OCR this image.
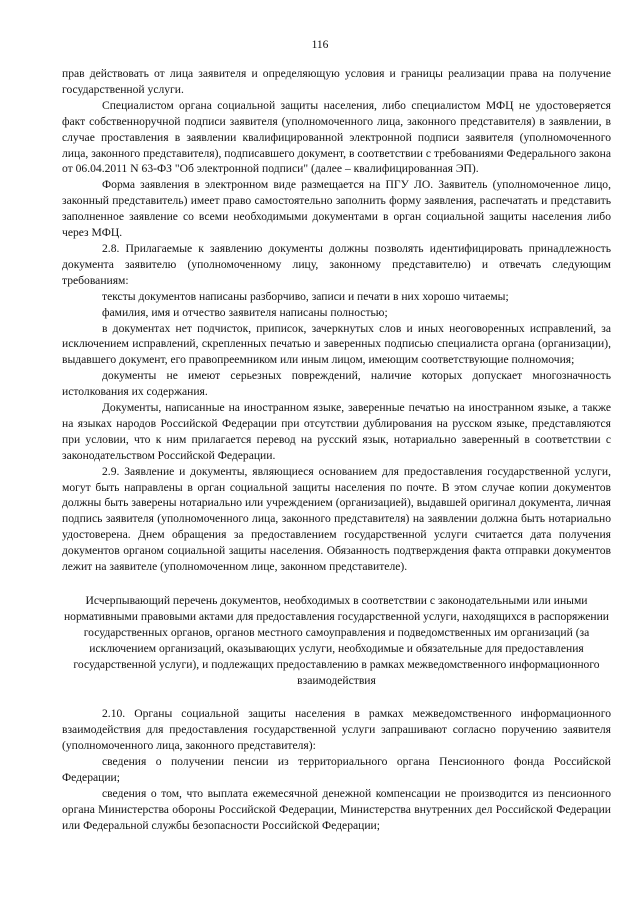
116

прав действовать от лица заявителя и определяющую условия и границы реализации права на получение государственной услуги.

Специалистом органа социальной защиты населения, либо специалистом МФЦ не удостоверяется факт собственноручной подписи заявителя (уполномоченного лица, законного представителя) в заявлении, в случае проставления в заявлении квалифицированной электронной подписи заявителя (уполномоченного лица, законного представителя), подписавшего документ, в соответствии с требованиями Федерального закона от 06.04.2011 N 63-ФЗ "Об электронной подписи" (далее – квалифицированная ЭП).

Форма заявления в электронном виде размещается на ПГУ ЛО. Заявитель (уполномоченное лицо, законный представитель) имеет право самостоятельно заполнить форму заявления, распечатать и представить заполненное заявление со всеми необходимыми документами в орган социальной защиты населения либо через МФЦ.

2.8. Прилагаемые к заявлению документы должны позволять идентифицировать принадлежность документа заявителю (уполномоченному лицу, законному представителю) и отвечать следующим требованиям:

тексты документов написаны разборчиво, записи и печати в них хорошо читаемы;

фамилия, имя и отчество заявителя написаны полностью;

в документах нет подчисток, приписок, зачеркнутых слов и иных неоговоренных исправлений, за исключением исправлений, скрепленных печатью и заверенных подписью специалиста органа (организации), выдавшего документ, его правопреемником или иным лицом, имеющим соответствующие полномочия;

документы не имеют серьезных повреждений, наличие которых допускает многозначность истолкования их содержания.

Документы, написанные на иностранном языке, заверенные печатью на иностранном языке, а также на языках народов Российской Федерации при отсутствии дублирования на русском языке, представляются при условии, что к ним прилагается перевод на русский язык, нотариально заверенный в соответствии с законодательством Российской Федерации.

2.9. Заявление и документы, являющиеся основанием для предоставления государственной услуги, могут быть направлены в орган социальной защиты населения по почте. В этом случае копии документов должны быть заверены нотариально или учреждением (организацией), выдавшей оригинал документа, личная подпись заявителя (уполномоченного лица, законного представителя) на заявлении должна быть нотариально удостоверена. Днем обращения за предоставлением государственной услуги считается дата получения документов органом социальной защиты населения. Обязанность подтверждения факта отправки документов лежит на заявителе (уполномоченном лице, законном представителе).

Исчерпывающий перечень документов, необходимых в соответствии с законодательными или иными нормативными правовыми актами для предоставления государственной услуги, находящихся в распоряжении государственных органов, органов местного самоуправления и подведомственных им организаций (за исключением организаций, оказывающих услуги, необходимые и обязательные для предоставления государственной услуги), и подлежащих предоставлению в рамках межведомственного информационного взаимодействия

2.10. Органы социальной защиты населения в рамках межведомственного информационного взаимодействия для предоставления государственной услуги запрашивают согласно поручению заявителя (уполномоченного лица, законного представителя):

сведения о получении пенсии из территориального органа Пенсионного фонда Российской Федерации;

сведения о том, что выплата ежемесячной денежной компенсации не производится из пенсионного органа Министерства обороны Российской Федерации, Министерства внутренних дел Российской Федерации или Федеральной службы безопасности Российской Федерации;
